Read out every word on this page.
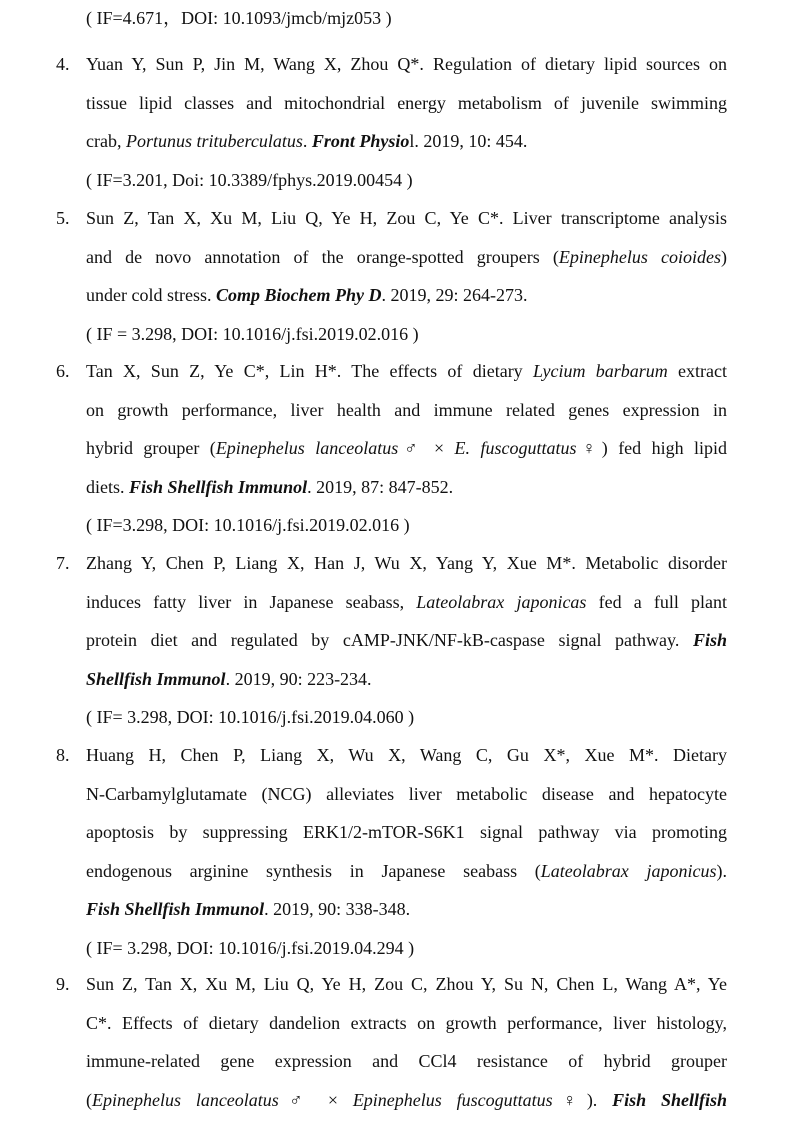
( IF=4.671，DOI: 10.1093/jmcb/mjz053 )
4. Yuan Y, Sun P, Jin M, Wang X, Zhou Q*. Regulation of dietary lipid sources on
tissue lipid classes and mitochondrial energy metabolism of juvenile swimming
crab, Portunus trituberculatus. Front Physiol. 2019, 10: 454.
( IF=3.201, Doi: 10.3389/fphys.2019.00454 )
5. Sun Z, Tan X, Xu M, Liu Q, Ye H, Zou C, Ye C*. Liver transcriptome analysis
and de novo annotation of the orange-spotted groupers (Epinephelus coioides)
under cold stress. Comp Biochem Phy D. 2019, 29: 264-273.
( IF = 3.298, DOI: 10.1016/j.fsi.2019.02.016 )
6. Tan X, Sun Z, Ye C*, Lin H*. The effects of dietary Lycium barbarum extract
on growth performance, liver health and immune related genes expression in
hybrid grouper (Epinephelus lanceolatus♂ × E. fuscoguttatus♀) fed high lipid
diets. Fish Shellfish Immunol. 2019, 87: 847-852.
( IF=3.298, DOI: 10.1016/j.fsi.2019.02.016 )
7. Zhang Y, Chen P, Liang X, Han J, Wu X, Yang Y, Xue M*. Metabolic disorder
induces fatty liver in Japanese seabass, Lateolabrax japonicas fed a full plant
protein diet and regulated by cAMP-JNK/NF-kB-caspase signal pathway. Fish
Shellfish Immunol. 2019, 90: 223-234.
( IF= 3.298, DOI: 10.1016/j.fsi.2019.04.060 )
8. Huang H, Chen P, Liang X, Wu X, Wang C, Gu X*, Xue M*. Dietary
N-Carbamylglutamate (NCG) alleviates liver metabolic disease and hepatocyte
apoptosis by suppressing ERK1/2-mTOR-S6K1 signal pathway via promoting
endogenous arginine synthesis in Japanese seabass (Lateolabrax japonicus).
Fish Shellfish Immunol. 2019, 90: 338-348.
( IF= 3.298, DOI: 10.1016/j.fsi.2019.04.294 )
9. Sun Z, Tan X, Xu M, Liu Q, Ye H, Zou C, Zhou Y, Su N, Chen L, Wang A*, Ye
C*. Effects of dietary dandelion extracts on growth performance, liver histology,
immune-related gene expression and CCl4 resistance of hybrid grouper
(Epinephelus lanceolatus♂ × Epinephelus fuscoguttatus♀). Fish Shellfish
